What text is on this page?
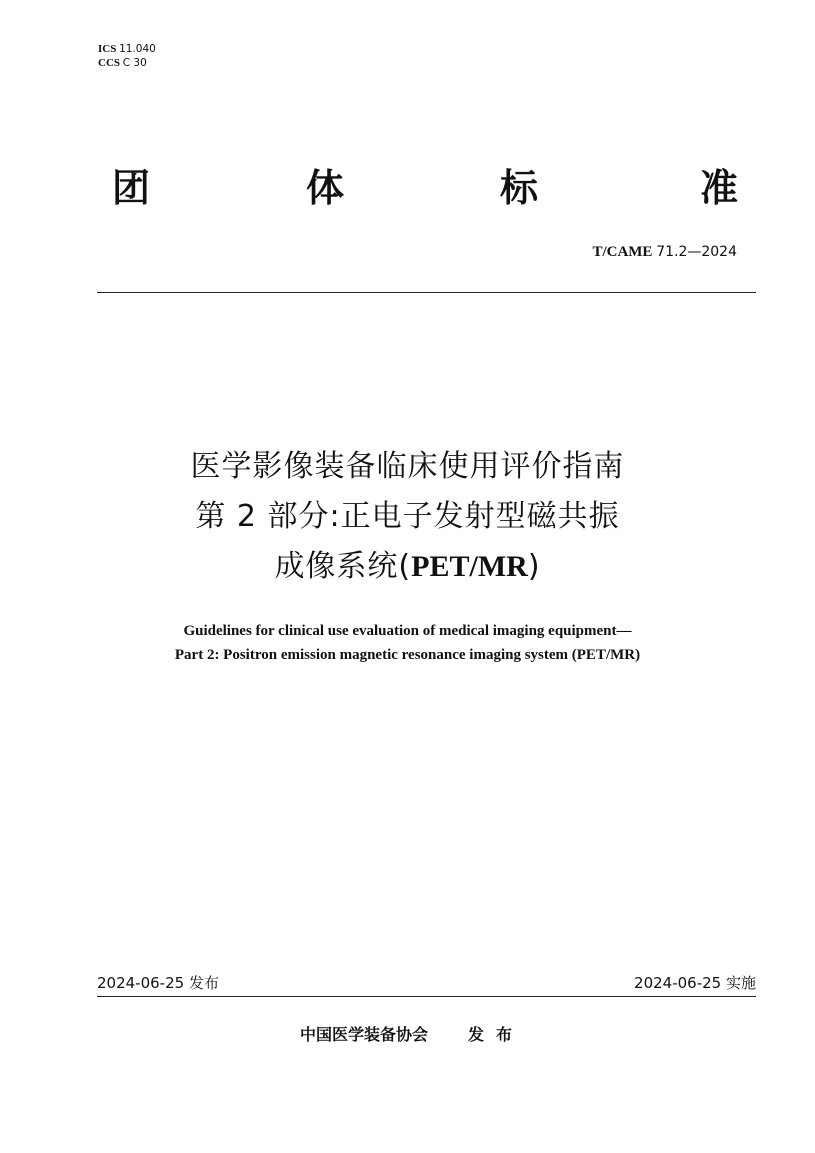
ICS 11.040
CCS C 30
团	体	标	准
T/CAME 71.2—2024
医学影像装备临床使用评价指南
第 2 部分:正电子发射型磁共振
成像系统(PET/MR)
Guidelines for clinical use evaluation of medical imaging equipment—
Part 2: Positron emission magnetic resonance imaging system (PET/MR)
2024-06-25 发布	2024-06-25 实施
中国医学装备协会	发布
